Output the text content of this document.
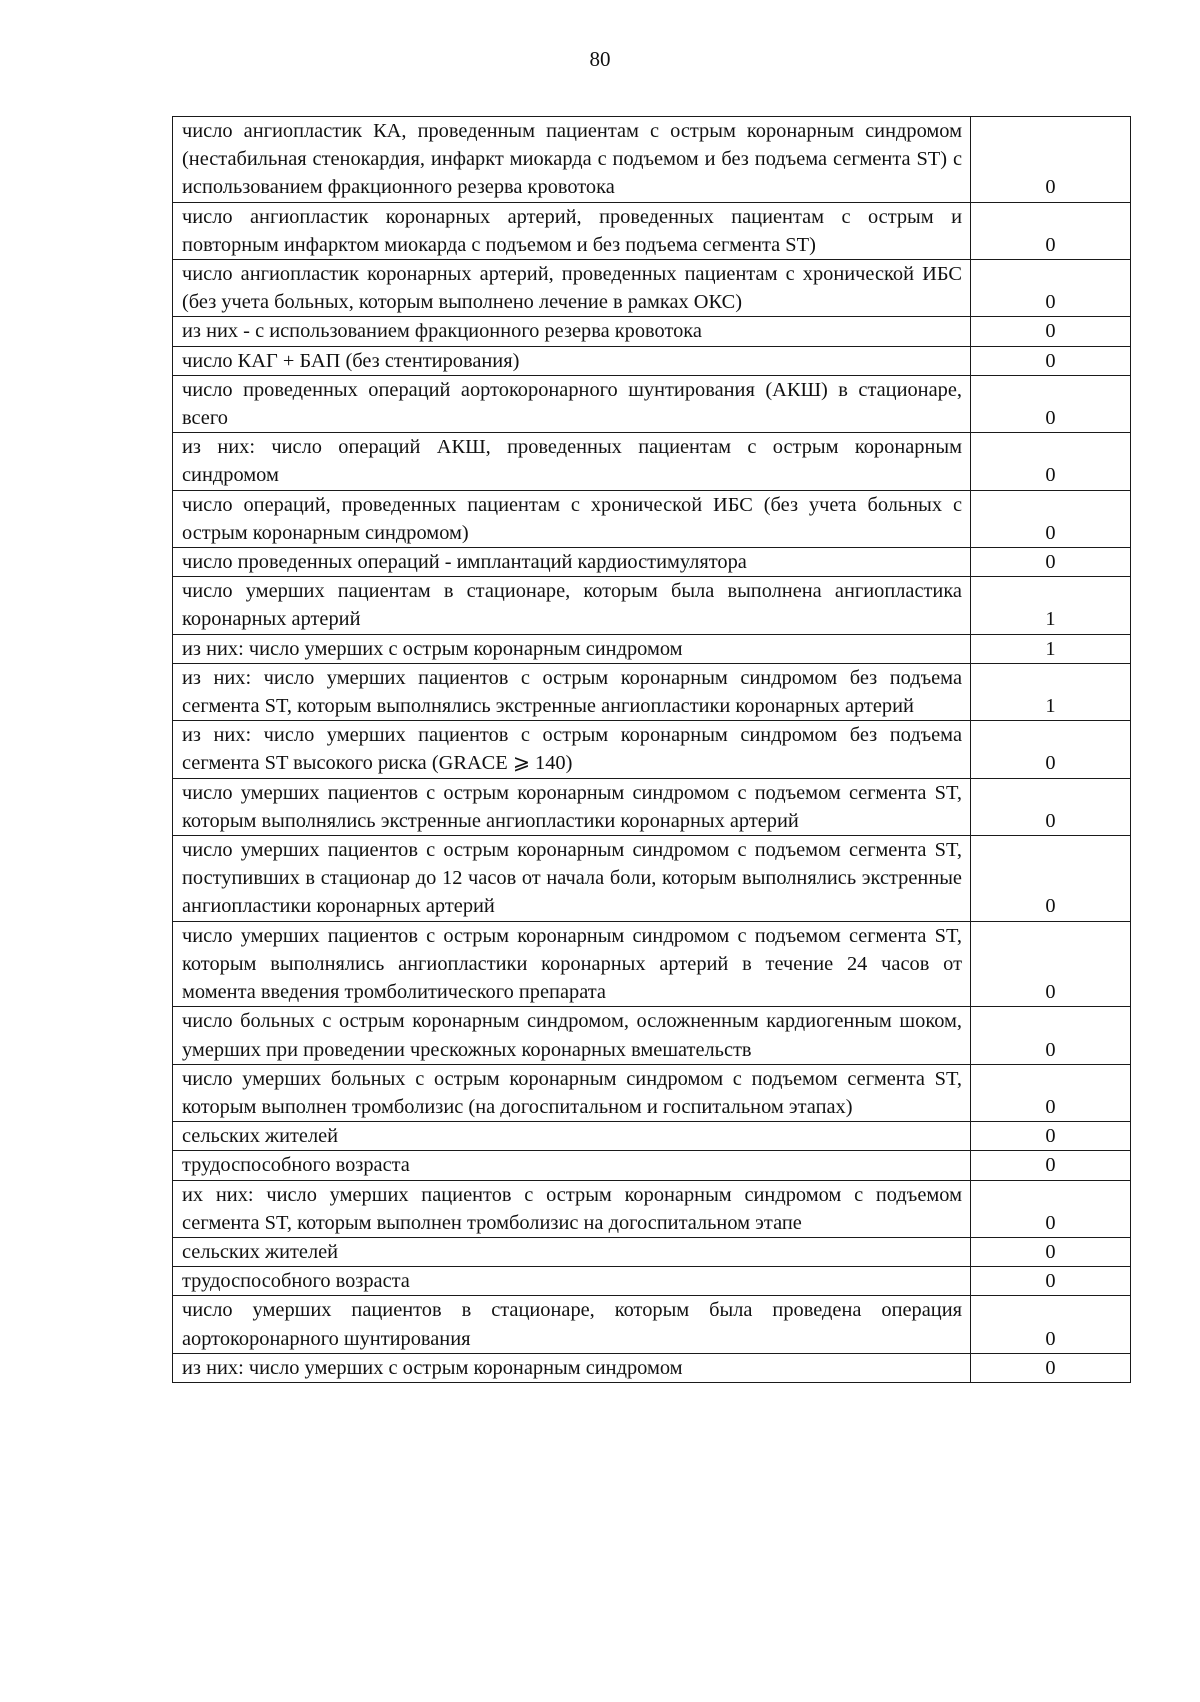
80
число ангиопластик КА, проведенным пациентам с острым коронарным синдромом (нестабильная стенокардия, инфаркт миокарда с подъемом и без подъема сегмента ST) с использованием фракционного резерва кровотока	0
число ангиопластик коронарных артерий, проведенных пациентам с острым и повторным инфарктом миокарда с подъемом и без подъема сегмента ST)	0
число ангиопластик коронарных артерий, проведенных пациентам с хронической ИБС (без учета больных, которым выполнено лечение в рамках ОКС)	0
из них - с использованием фракционного резерва кровотока	0
число КАГ + БАП (без стентирования)	0
число проведенных операций аортокоронарного шунтирования (АКШ) в стационаре, всего	0
из них: число операций АКШ, проведенных пациентам с острым коронарным синдромом	0
число операций, проведенных пациентам с хронической ИБС (без учета больных с острым коронарным синдромом)	0
число проведенных операций - имплантаций кардиостимулятора	0
число умерших пациентам в стационаре, которым была выполнена ангиопластика коронарных артерий	1
из них: число умерших с острым коронарным синдромом	1
из них: число умерших пациентов с острым коронарным синдромом без подъема сегмента ST, которым выполнялись экстренные ангиопластики коронарных артерий	1
из них: число умерших пациентов с острым коронарным синдромом без подъема сегмента ST высокого риска (GRACE ⩾ 140)	0
число умерших пациентов с острым коронарным синдромом с подъемом сегмента ST, которым выполнялись экстренные ангиопластики коронарных артерий	0
число умерших пациентов с острым коронарным синдромом с подъемом сегмента ST, поступивших в стационар до 12 часов от начала боли, которым выполнялись экстренные ангиопластики коронарных артерий	0
число умерших пациентов с острым коронарным синдромом с подъемом сегмента ST, которым выполнялись ангиопластики коронарных артерий в течение 24 часов от момента введения тромболитического препарата	0
число больных с острым коронарным синдромом, осложненным кардиогенным шоком, умерших при проведении чрескожных коронарных вмешательств	0
число умерших больных с острым коронарным синдромом с подъемом сегмента ST, которым выполнен тромболизис (на догоспитальном и госпитальном этапах)	0
сельских жителей	0
трудоспособного возраста	0
их них: число умерших пациентов с острым коронарным синдромом с подъемом сегмента ST, которым выполнен тромболизис на догоспитальном этапе	0
сельских жителей	0
трудоспособного возраста	0
число умерших пациентов в стационаре, которым была проведена операция аортокоронарного шунтирования	0
из них: число умерших с острым коронарным синдромом	0
